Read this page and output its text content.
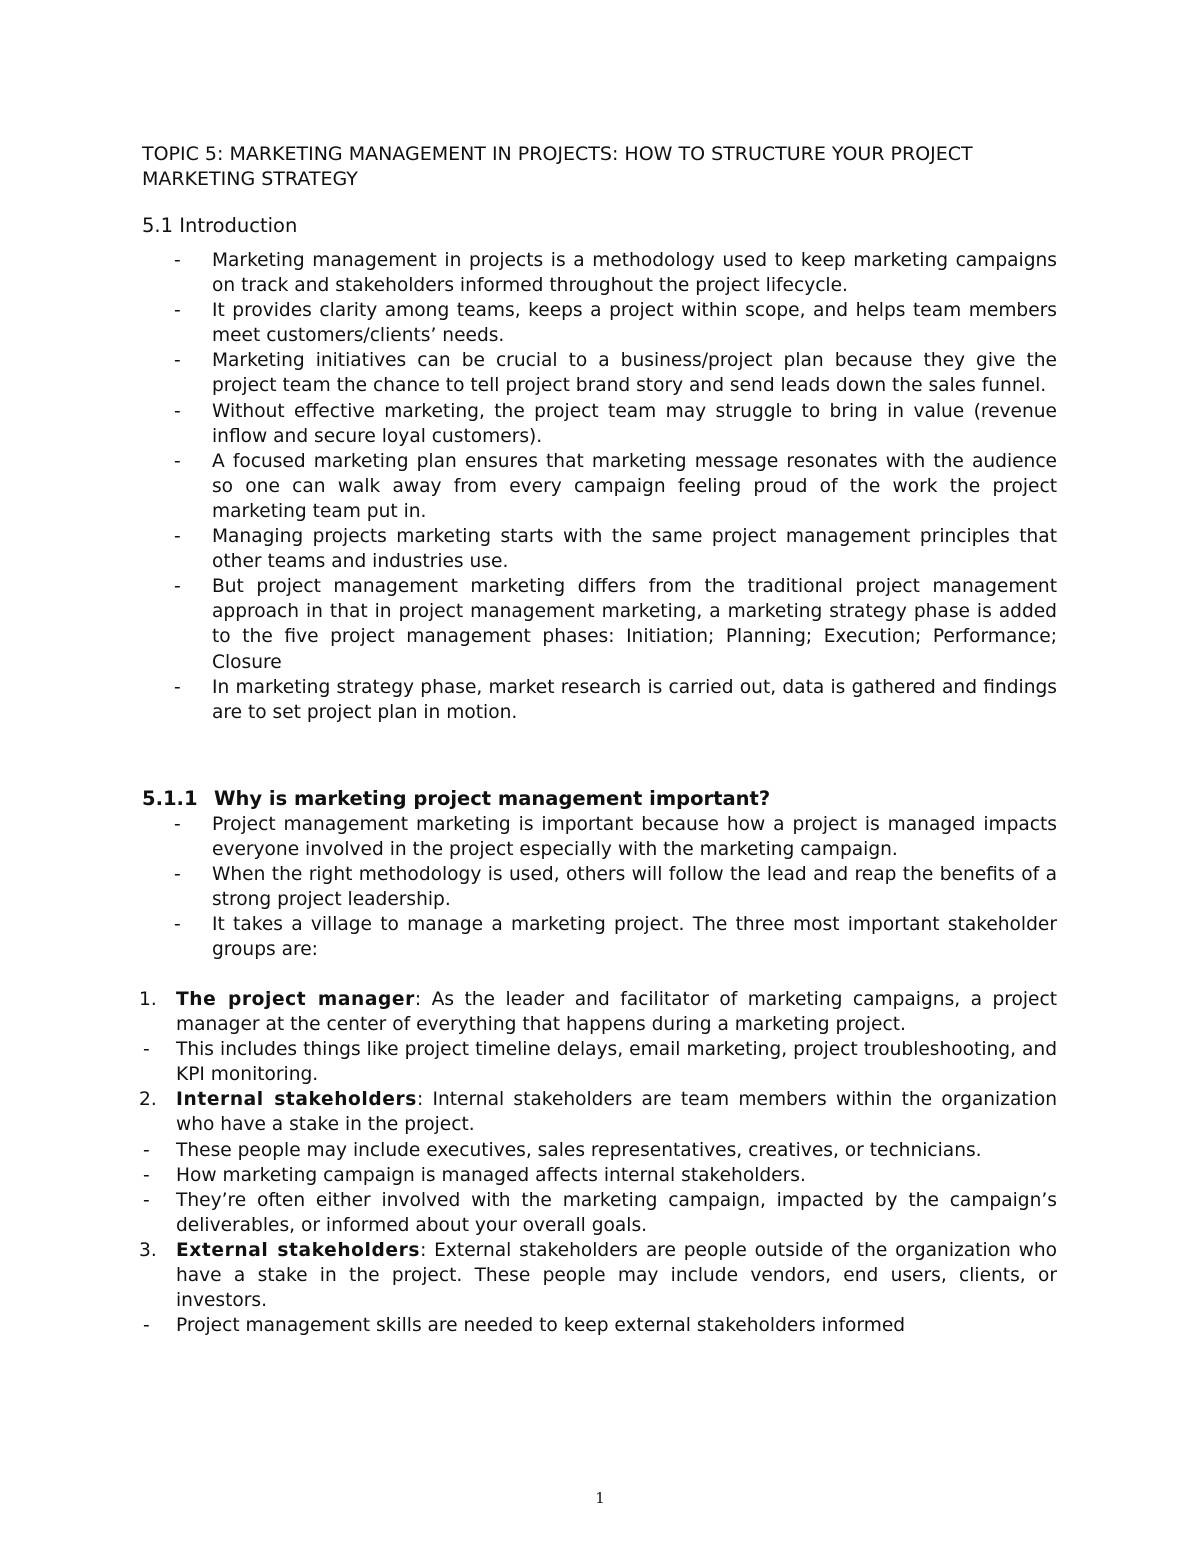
TOPIC 5: MARKETING MANAGEMENT IN PROJECTS: HOW TO STRUCTURE YOUR PROJECT MARKETING STRATEGY
5.1 Introduction
- Marketing management in projects is a methodology used to keep marketing campaigns on track and stakeholders informed throughout the project lifecycle.
- It provides clarity among teams, keeps a project within scope, and helps team members meet customers/clients’ needs.
- Marketing initiatives can be crucial to a business/project plan because they give the project team the chance to tell project brand story and send leads down the sales funnel.
- Without effective marketing, the project team may struggle to bring in value (revenue inflow and secure loyal customers).
- A focused marketing plan ensures that marketing message resonates with the audience so one can walk away from every campaign feeling proud of the work the project marketing team put in.
- Managing projects marketing starts with the same project management principles that other teams and industries use.
- But project management marketing differs from the traditional project management approach in that in project management marketing, a marketing strategy phase is added to the five project management phases: Initiation; Planning; Execution; Performance; Closure
- In marketing strategy phase, market research is carried out, data is gathered and findings are to set project plan in motion.
5.1.1 Why is marketing project management important?
- Project management marketing is important because how a project is managed impacts everyone involved in the project especially with the marketing campaign.
- When the right methodology is used, others will follow the lead and reap the benefits of a strong project leadership.
- It takes a village to manage a marketing project. The three most important stakeholder groups are:
1. The project manager: As the leader and facilitator of marketing campaigns, a project manager at the center of everything that happens during a marketing project.
- This includes things like project timeline delays, email marketing, project troubleshooting, and KPI monitoring.
2. Internal stakeholders: Internal stakeholders are team members within the organization who have a stake in the project.
- These people may include executives, sales representatives, creatives, or technicians.
- How marketing campaign is managed affects internal stakeholders.
- They’re often either involved with the marketing campaign, impacted by the campaign’s deliverables, or informed about your overall goals.
3. External stakeholders: External stakeholders are people outside of the organization who have a stake in the project. These people may include vendors, end users, clients, or investors.
- Project management skills are needed to keep external stakeholders informed
1
